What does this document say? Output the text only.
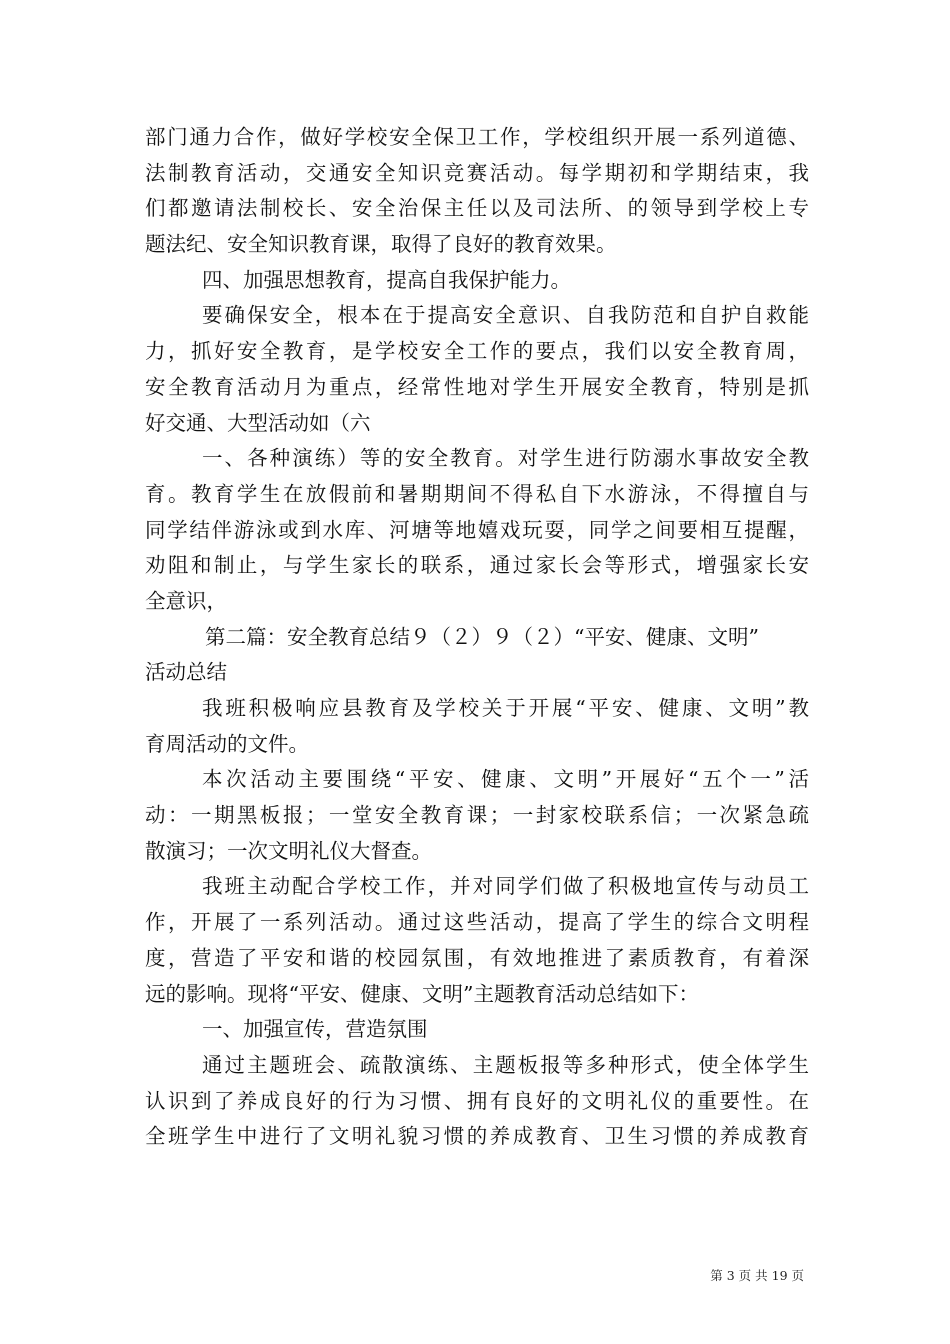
部门通力合作，做好学校安全保卫工作，学校组织开展一系列道德、
法制教育活动，交通安全知识竞赛活动。每学期初和学期结束，我
们都邀请法制校长、安全治保主任以及司法所、的领导到学校上专
题法纪、安全知识教育课，取得了良好的教育效果。
四、加强思想教育，提高自我保护能力。
要确保安全，根本在于提高安全意识、自我防范和自护自救能
力，抓好安全教育，是学校安全工作的要点，我们以安全教育周，
安全教育活动月为重点，经常性地对学生开展安全教育，特别是抓
好交通、大型活动如（六
一、各种演练）等的安全教育。对学生进行防溺水事故安全教
育。教育学生在放假前和暑期期间不得私自下水游泳，不得擅自与
同学结伴游泳或到水库、河塘等地嬉戏玩耍，同学之间要相互提醒，
劝阻和制止，与学生家长的联系，通过家长会等形式，增强家长安
全意识，
第二篇：安全教育总结９（２）９（２）“平安、健康、文明”
活动总结
我班积极响应县教育及学校关于开展“平安、健康、文明”教
育周活动的文件。
本次活动主要围绕“平安、健康、文明”开展好“五个一”活
动：一期黑板报；一堂安全教育课；一封家校联系信；一次紧急疏
散演习；一次文明礼仪大督查。
我班主动配合学校工作，并对同学们做了积极地宣传与动员工
作，开展了一系列活动。通过这些活动，提高了学生的综合文明程
度，营造了平安和谐的校园氛围，有效地推进了素质教育，有着深
远的影响。现将“平安、健康、文明”主题教育活动总结如下：
一、加强宣传，营造氛围
通过主题班会、疏散演练、主题板报等多种形式，使全体学生
认识到了养成良好的行为习惯、拥有良好的文明礼仪的重要性。在
全班学生中进行了文明礼貌习惯的养成教育、卫生习惯的养成教育
第 3 页 共 19 页
